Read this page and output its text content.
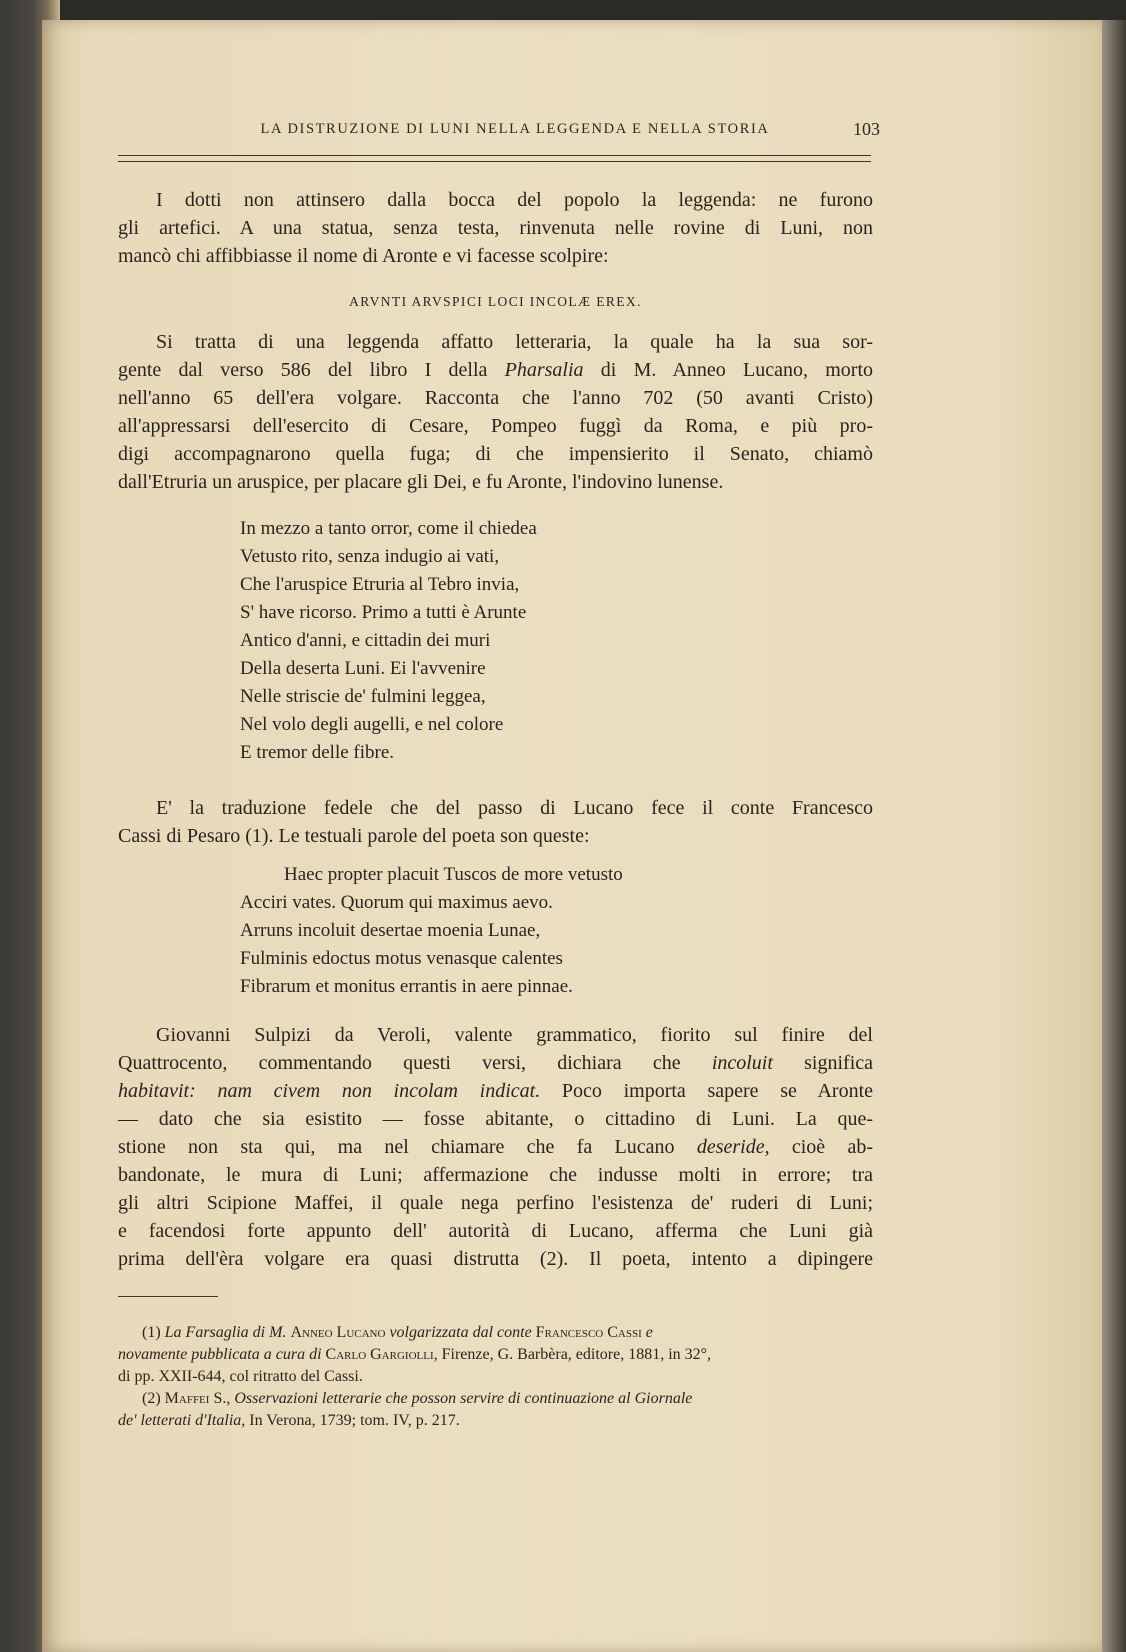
LA DISTRUZIONE DI LUNI NELLA LEGGENDA E NELLA STORIA	103
I dotti non attinsero dalla bocca del popolo la leggenda: ne furono
gli artefici. A una statua, senza testa, rinvenuta nelle rovine di Luni, non
mancò chi affibbiasse il nome di Aronte e vi facesse scolpire:
ARVNTI ARVSPICI LOCI INCOLÆ EREX.
Si tratta di una leggenda affatto letteraria, la quale ha la sua sor-
gente dal verso 586 del libro I della Pharsalia di M. Anneo Lucano, morto
nell'anno 65 dell'era volgare. Racconta che l'anno 702 (50 avanti Cristo)
all'appressarsi dell'esercito di Cesare, Pompeo fuggì da Roma, e più pro-
digi accompagnarono quella fuga; di che impensierito il Senato, chiamò
dall'Etruria un aruspice, per placare gli Dei, e fu Aronte, l'indovino lunense.
In mezzo a tanto orror, come il chiedea
Vetusto rito, senza indugio ai vati,
Che l'aruspice Etruria al Tebro invia,
S' have ricorso. Primo a tutti è Arunte
Antico d'anni, e cittadin dei muri
Della deserta Luni. Ei l'avvenire
Nelle striscie de' fulmini leggea,
Nel volo degli augelli, e nel colore
E tremor delle fibre.
E' la traduzione fedele che del passo di Lucano fece il conte Francesco
Cassi di Pesaro (1). Le testuali parole del poeta son queste:
Haec propter placuit Tuscos de more vetusto
Acciri vates. Quorum qui maximus aevo.
Arruns incoluit desertae moenia Lunae,
Fulminis edoctus motus venasque calentes
Fibrarum et monitus errantis in aere pinnae.
Giovanni Sulpizi da Veroli, valente grammatico, fiorito sul finire del
Quattrocento, commentando questi versi, dichiara che incoluit significa
habitavit: nam civem non incolam indicat. Poco importa sapere se Aronte
— dato che sia esistito — fosse abitante, o cittadino di Luni. La que-
stione non sta qui, ma nel chiamare che fa Lucano deseride, cioè ab-
bandonate, le mura di Luni; affermazione che indusse molti in errore; tra
gli altri Scipione Maffei, il quale nega perfino l'esistenza de' ruderi di Luni;
e facendosi forte appunto dell' autorità di Lucano, afferma che Luni già
prima dell'èra volgare era quasi distrutta (2). Il poeta, intento a dipingere
(1) La Farsaglia di M. Anneo Lucano volgarizzata dal conte Francesco Cassi e
novamente pubblicata a cura di Carlo Gargiolli, Firenze, G. Barbèra, editore, 1881, in 32°,
di pp. XXII-644, col ritratto del Cassi.
(2) Maffei S., Osservazioni letterarie che posson servire di continuazione al Giornale
de' letterati d'Italia, In Verona, 1739; tom. IV, p. 217.
